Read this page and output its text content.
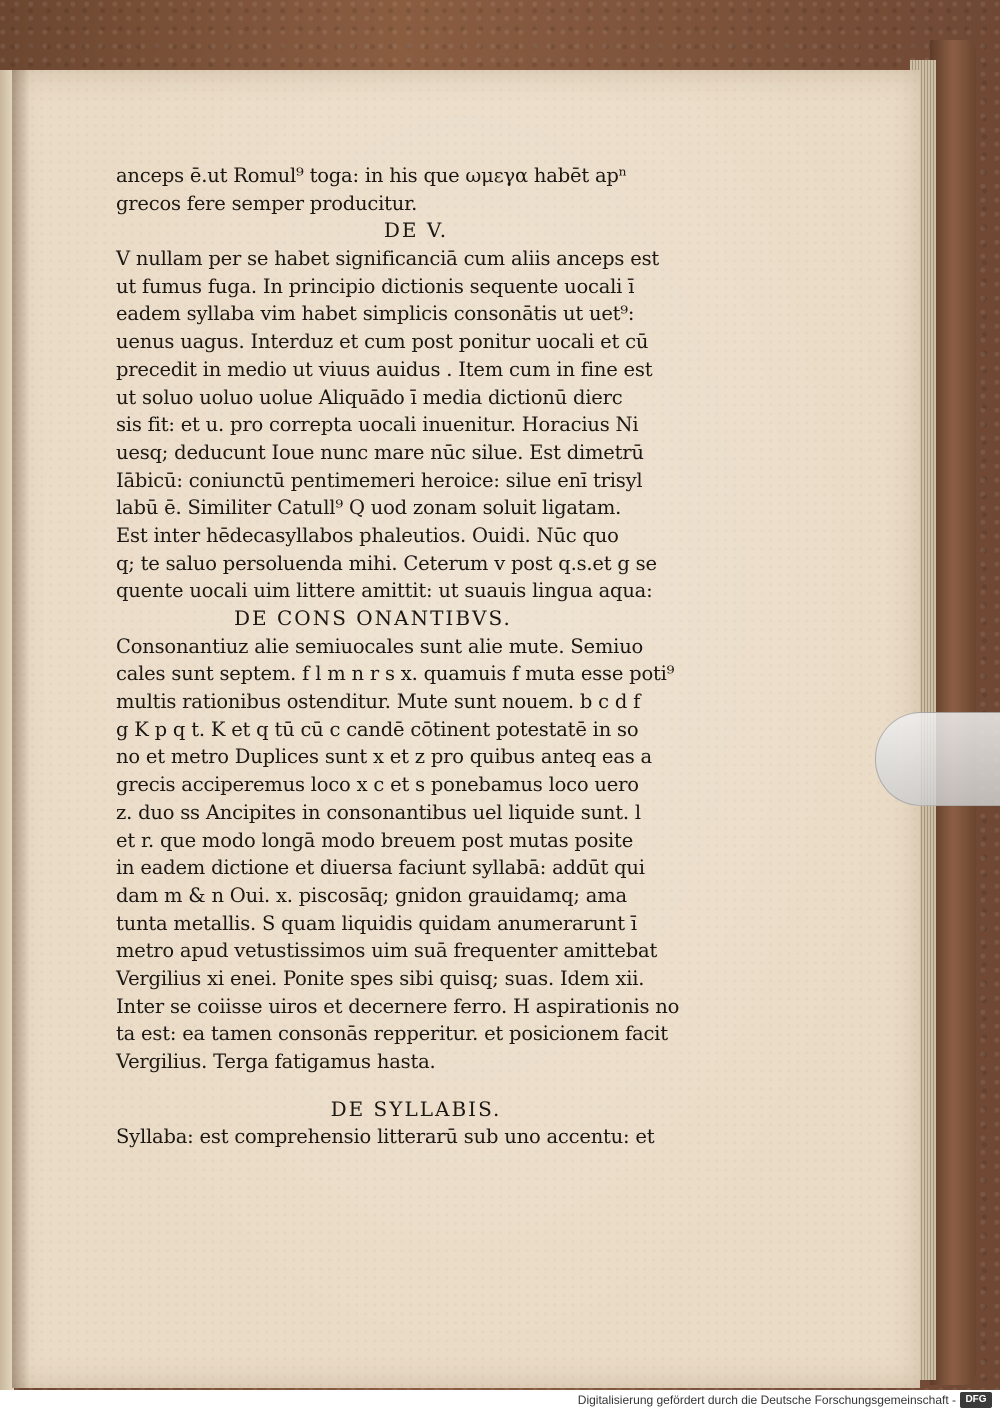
anceps ē.ut Romul⁹ toga: in his que ωμεγα habēt apⁿ
grecos fere semper producitur.
DE V.
V nullam per se habet significanciā cum aliis anceps est
ut fumus fuga. In principio dictionis sequente uocali ī
eadem syllaba vim habet simplicis consonātis ut uet⁹:
uenus uagus. Interduz et cum post ponitur uocali et cū
precedit in medio ut viuus auidus . Item cum in fine est
ut soluo uoluo uolue Aliquādo ī media dictionū dierc
sis fit: et u. pro correpta uocali inuenitur. Horacius Ni
uesq; deducunt Ioue nunc mare nūc silue. Est dimetrū
Iābicū: coniunctū pentimemeri heroice: silue enī trisyl
labū ē. Similiter Catull⁹ Q uod zonam soluit ligatam.
Est inter hēdecasyllabos phaleutios. Ouidi. Nūc quo
q; te saluo persoluenda mihi. Ceterum v post q.s.et g se
quente uocali uim littere amittit: ut suauis lingua aqua:
DE CONS ONANTIBVS.
Consonantiuz alie semiuocales sunt alie mute. Semiuo
cales sunt septem. f l m n r s x. quamuis f muta esse poti⁹
multis rationibus ostenditur. Mute sunt nouem. b c d f
g K p q t. K et q tū cū c candē cōtinent potestatē in so
no et metro Duplices sunt x et z pro quibus anteq eas a
grecis acciperemus loco x c et s ponebamus loco uero
z. duo ss Ancipites in consonantibus uel liquide sunt. l
et r. que modo longā modo breuem post mutas posite
in eadem dictione et diuersa faciunt syllabā: addūt qui
dam m & n Oui. x. piscosāq; gnidon grauidamq; ama
tunta metallis. S quam liquidis quidam anumerarunt ī
metro apud vetustissimos uim suā frequenter amittebat
Vergilius xi enei. Ponite spes sibi quisq; suas. Idem xii.
Inter se coiisse uiros et decernere ferro. H aspirationis no
ta est: ea tamen consonās repperitur. et posicionem facit
Vergilius. Terga fatigamus hasta.
DE SYLLABIS.
Syllaba: est comprehensio litterarū sub uno accentu: et
Digitalisierung gefördert durch die Deutsche Forschungsgemeinschaft - DFG
